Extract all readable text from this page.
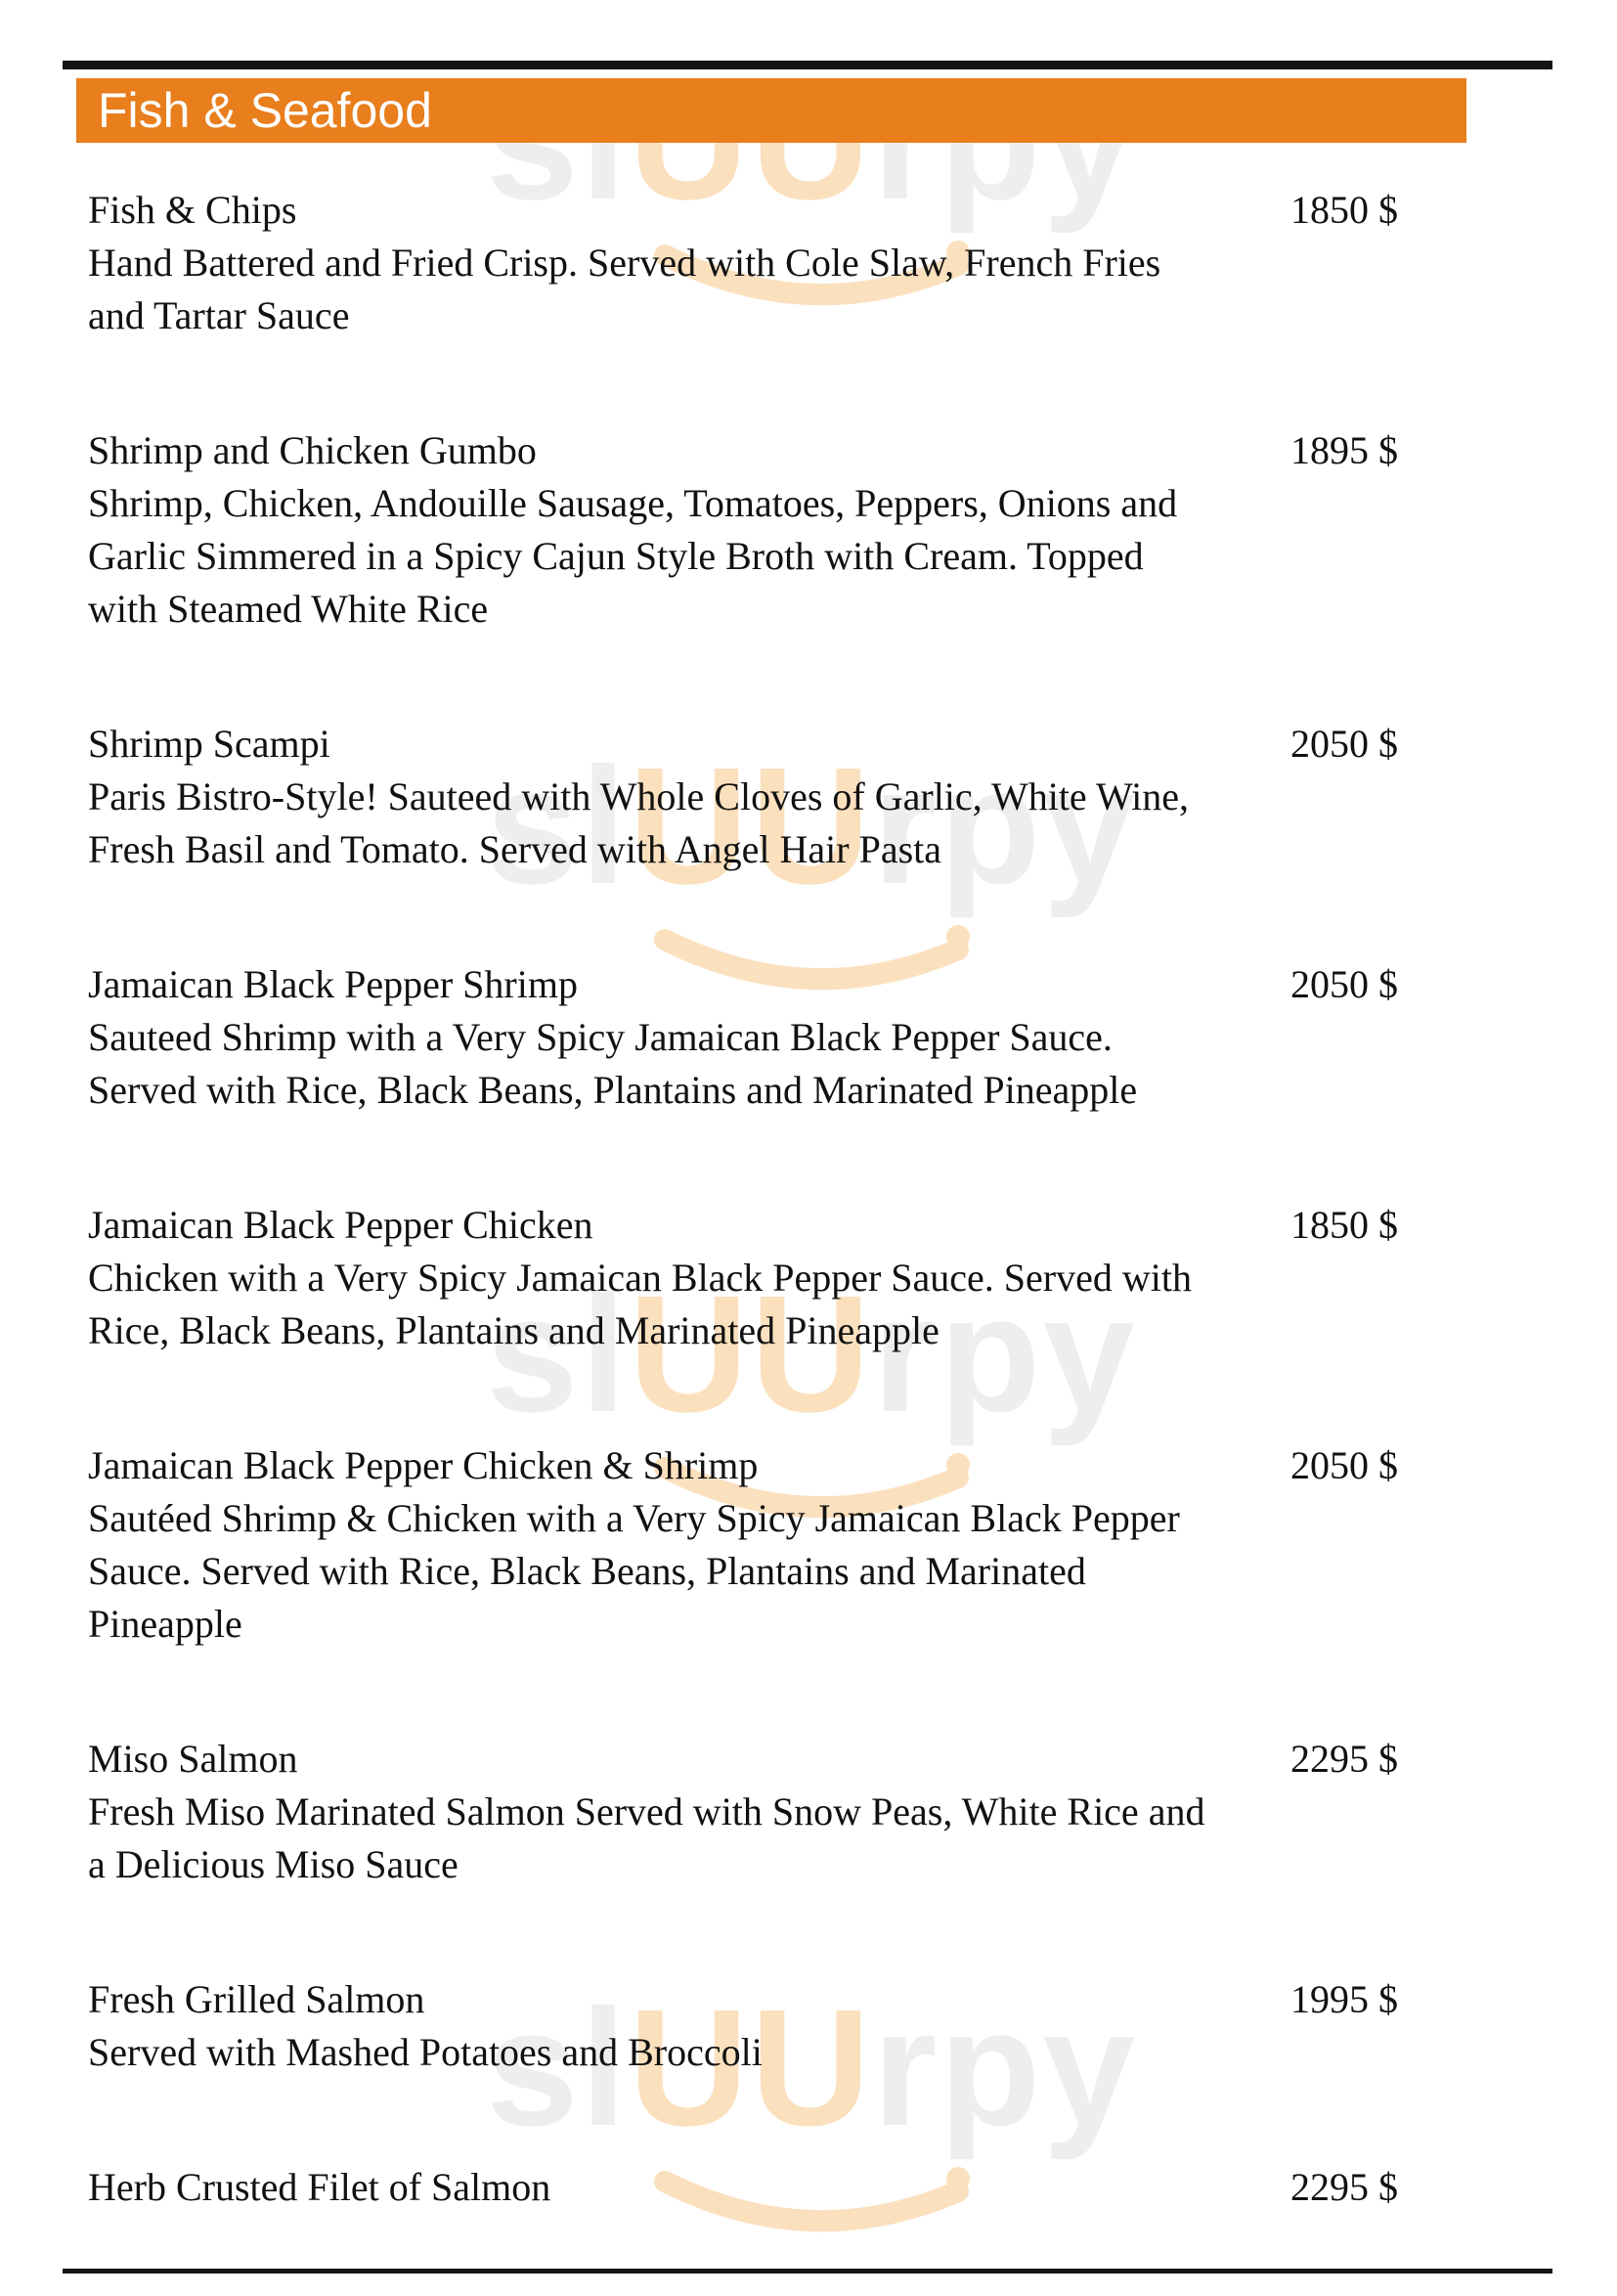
slUUrpy
slUUrpy
slUUrpy
Fish & Seafood
Fish & Chips
Hand Battered and Fried Crisp. Served with Cole Slaw, French Fries and Tartar Sauce
1850 $
Shrimp and Chicken Gumbo
Shrimp, Chicken, Andouille Sausage, Tomatoes, Peppers, Onions and Garlic Simmered in a Spicy Cajun Style Broth with Cream. Topped with Steamed White Rice
1895 $
Shrimp Scampi
Paris Bistro-Style! Sauteed with Whole Cloves of Garlic, White Wine, Fresh Basil and Tomato. Served with Angel Hair Pasta
2050 $
Jamaican Black Pepper Shrimp
Sauteed Shrimp with a Very Spicy Jamaican Black Pepper Sauce. Served with Rice, Black Beans, Plantains and Marinated Pineapple
2050 $
Jamaican Black Pepper Chicken
Chicken with a Very Spicy Jamaican Black Pepper Sauce. Served with Rice, Black Beans, Plantains and Marinated Pineapple
1850 $
Jamaican Black Pepper Chicken & Shrimp
Sautéed Shrimp & Chicken with a Very Spicy Jamaican Black Pepper Sauce. Served with Rice, Black Beans, Plantains and Marinated Pineapple
2050 $
Miso Salmon
Fresh Miso Marinated Salmon Served with Snow Peas, White Rice and a Delicious Miso Sauce
2295 $
Fresh Grilled Salmon
Served with Mashed Potatoes and Broccoli
1995 $
Herb Crusted Filet of Salmon	2295 $
